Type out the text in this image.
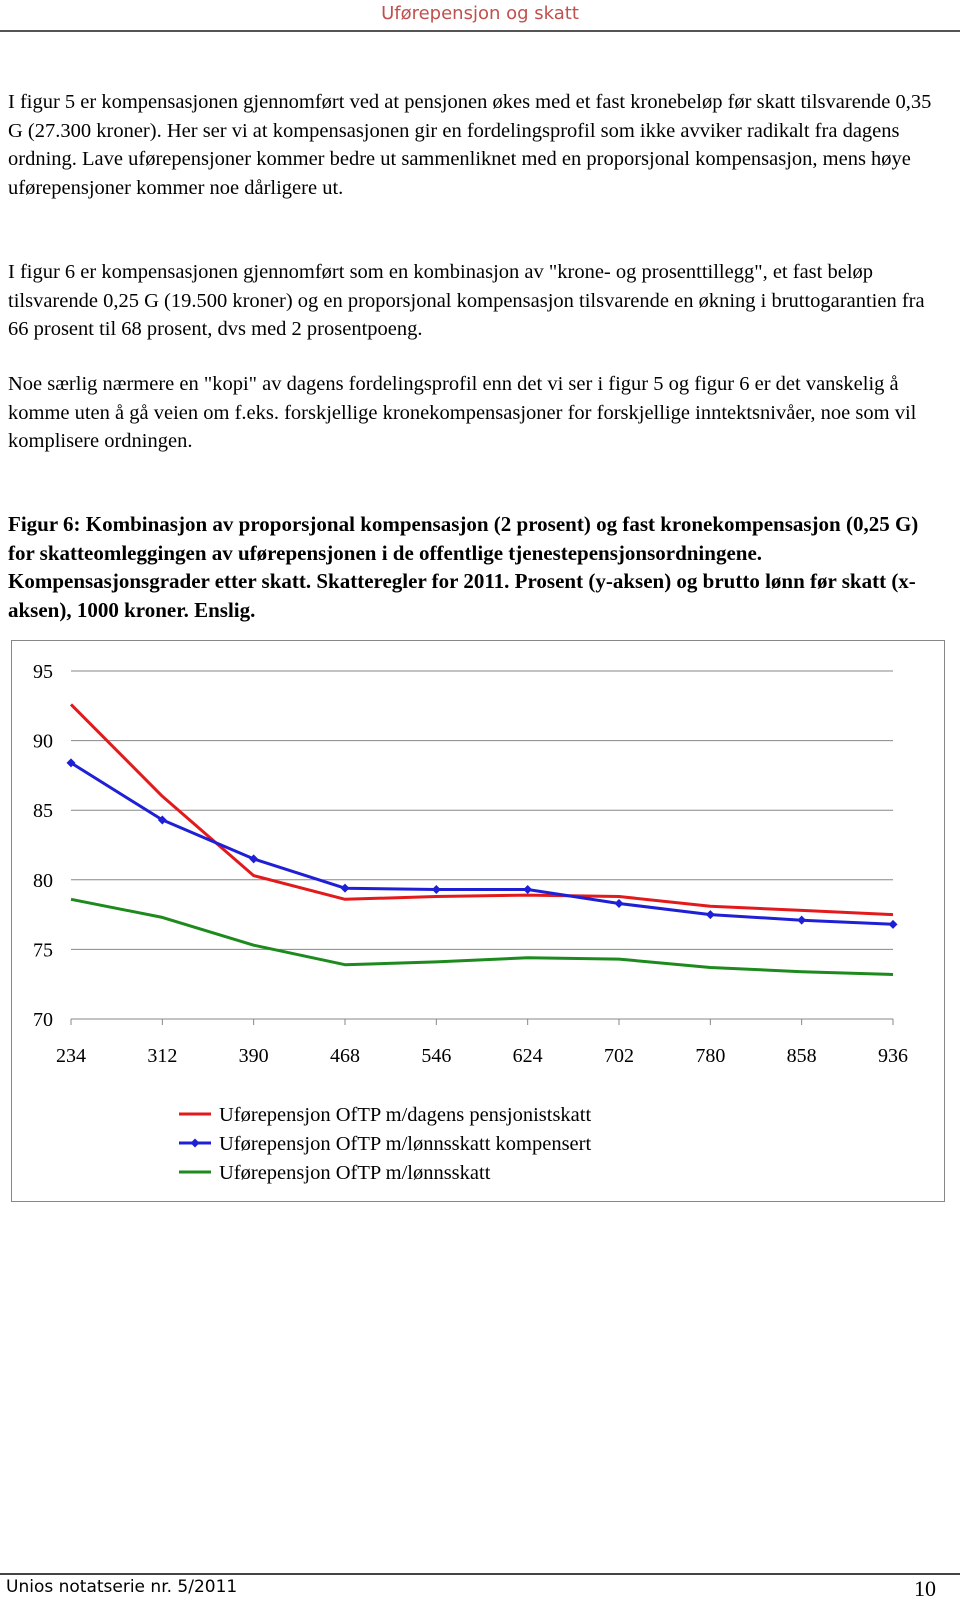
Uførepensjon og skatt

I figur 5 er kompensasjonen gjennomført ved at pensjonen økes med et fast kronebeløp før skatt tilsvarende 0,35 G (27.300 kroner). Her ser vi at kompensasjonen gir en fordelingsprofil som ikke avviker radikalt fra dagens ordning. Lave uførepensjoner kommer bedre ut sammenliknet med en proporsjonal kompensasjon, mens høye uførepensjoner kommer noe dårligere ut.

I figur 6 er kompensasjonen gjennomført som en kombinasjon av "krone- og prosenttillegg", et fast beløp tilsvarende 0,25 G (19.500 kroner) og en proporsjonal kompensasjon tilsvarende en økning i bruttogarantien fra 66 prosent til 68 prosent, dvs med 2 prosentpoeng.

Noe særlig nærmere en "kopi" av dagens fordelingsprofil enn det vi ser i figur 5 og figur 6 er det vanskelig å komme uten å gå veien om f.eks. forskjellige kronekompensasjoner for forskjellige inntektsnivåer, noe som vil komplisere ordningen.

Figur 6: Kombinasjon av proporsjonal kompensasjon (2 prosent) og fast kronekompensasjon (0,25 G) for skatteomleggingen av uførepensjonen i de offentlige tjenestepensjonsordningene. Kompensasjonsgrader etter skatt. Skatteregler for 2011. Prosent (y-aksen) og brutto lønn før skatt (x-aksen), 1000 kroner. Enslig.

70
75
80
85
90
95
234	312	390	468	546	624	702	780	858	936
Uførepensjon OfTP m/dagens pensjonistskatt
Uførepensjon OfTP m/lønnsskatt kompensert
Uførepensjon OfTP m/lønnsskatt
Unios notatserie nr. 5/2011	10
